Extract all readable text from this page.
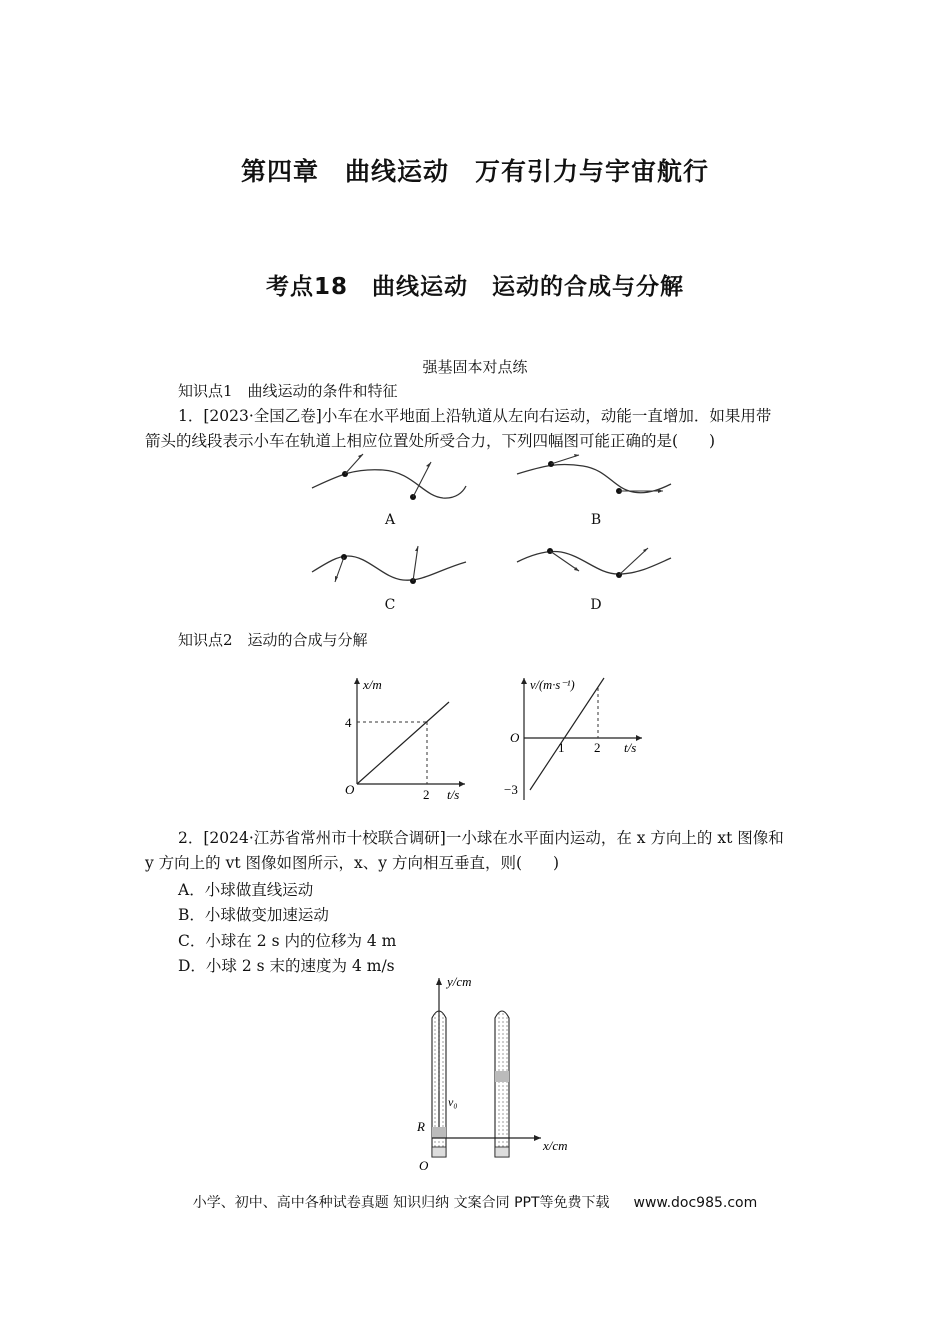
第四章　曲线运动　万有引力与宇宙航行
考点18　曲线运动　运动的合成与分解
强基固本对点练
知识点1　曲线运动的条件和特征
1．[2023·全国乙卷]小车在水平地面上沿轨道从左向右运动，动能一直增加．如果用带
箭头的线段表示小车在轨道上相应位置处所受合力，下列四幅图可能正确的是(　　)
A	B
C	D
知识点2　运动的合成与分解
x/m
t/s
O
4
2
v/(m·s⁻¹)
t/s
O
−3
1 2
2．[2024·江苏省常州市十校联合调研]一小球在水平面内运动，在 x 方向上的 xt 图像和
y 方向上的 vt 图像如图所示，x、y 方向相互垂直，则(　　)
A．小球做直线运动
B．小球做变加速运动
C．小球在 2 s 内的位移为 4 m
D．小球 2 s 末的速度为 4 m/s
y/cm
x/cm
O
R
v₀
小学、初中、高中各种试卷真题 知识归纳 文案合同 PPT等免费下载 www.doc985.com
